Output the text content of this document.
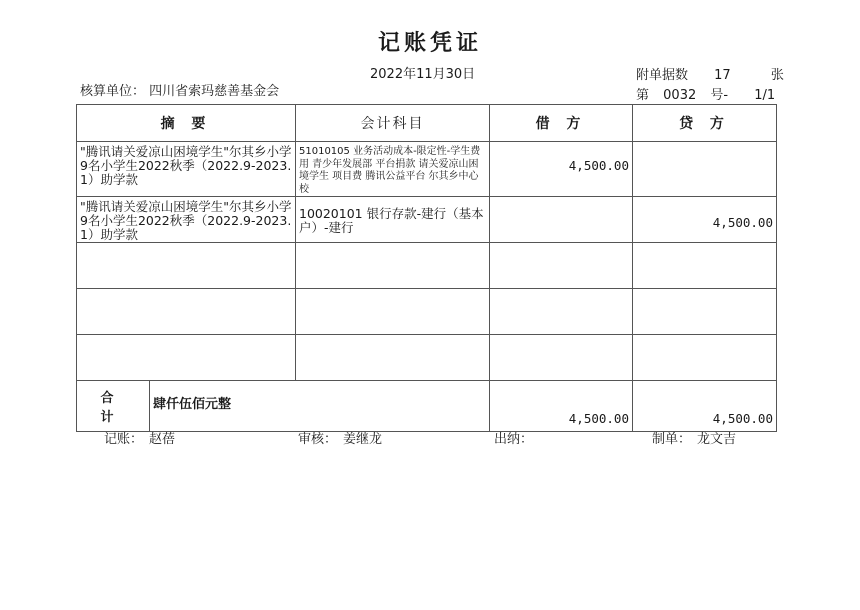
记账凭证
2022年11月30日
核算单位： 四川省索玛慈善基金会
附单据数 17	张
第 0032 号- 1/1
摘 要	会计科目	借 方	贷 方

"腾讯请关爱凉山困境学生"尔其乡小学9名小学生2022秋季（2022.9-2023.1）助学款	51010105 业务活动成本-限定性-学生费用 青少年发展部 平台捐款 请关爱凉山困境学生 项目费 腾讯公益平台 尔其乡中心校	4,500.00	

"腾讯请关爱凉山困境学生"尔其乡小学9名小学生2022秋季（2022.9-2023.1）助学款	10020101 银行存款-建行（基本户）-建行		4,500.00

合 计
肆仟伍佰元整		4,500.00	4,500.00
记账： 赵蓓	审核： 姜继龙	出纳：	制单： 龙文吉
